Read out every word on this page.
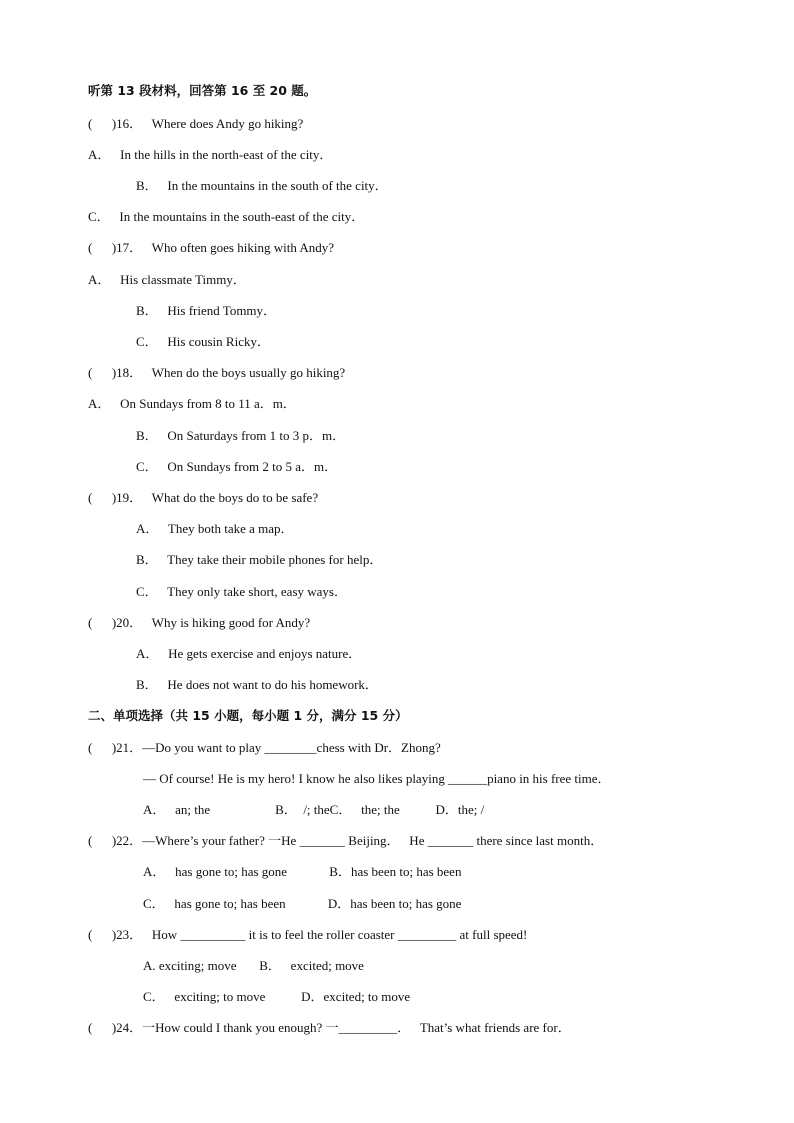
听第 13 段材料，回答第 16 至 20 题。

(      )16．   Where does Andy go hiking?

A．   In the hills in the north-east of the city．

B．   In the mountains in the south of the city．

C．   In the mountains in the south-east of the city．

(      )17．   Who often goes hiking with Andy?

A．   His classmate Timmy．

B．   His friend Tommy．

C．   His cousin Ricky．

(      )18．   When do the boys usually go hiking?

A．   On Sundays from 8 to 11 a．m．

B．   On Saturdays from 1 to 3 p．m．

C．   On Sundays from 2 to 5 a．m．

(      )19．   What do the boys do to be safe?

A．   They both take a map．

B．   They take their mobile phones for help．

C．   They only take short, easy ways．

(      )20．   Why is hiking good for Andy?

A．   He gets exercise and enjoys nature．

B．   He does not want to do his homework．

二、单项选择（共 15 小题，每小题 1 分，满分 15 分）

(      )21．—Do you want to play ________chess with Dr．Zhong?

— Of course! He is my hero! I know he also likes playing ______piano in his free time．

A．   an; the                    B．  /; theC．   the; the           D．the; /

(      )22．—Where’s your father? 一He _______ Beijing．   He _______ there since last month．

A．   has gone to; has gone             B．has been to; has been

C．   has gone to; has been             D．has been to; has gone

(      )23．   How __________ it is to feel the roller coaster _________ at full speed!

A. exciting; move       B．   excited; move

C．   exciting; to move           D．excited; to move

(      )24．一How could I thank you enough? 一_________．   That’s what friends are for．
